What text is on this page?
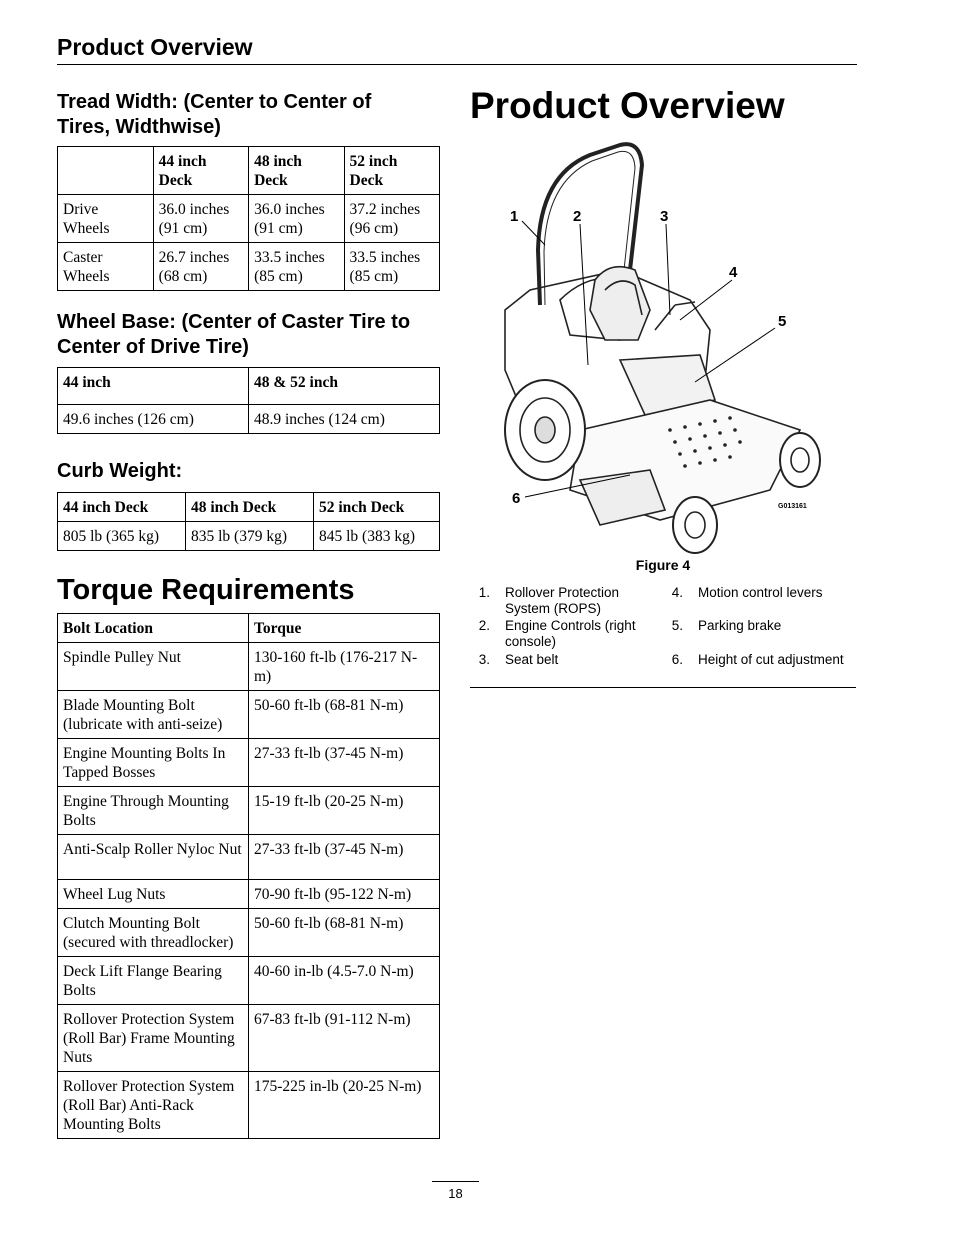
Product Overview
Tread Width: (Center to Center of
Tires, Widthwise)
	44 inch Deck	48 inch Deck	52 inch Deck
Drive Wheels	36.0 inches (91 cm)	36.0 inches (91 cm)	37.2 inches (96 cm)
Caster Wheels	26.7 inches (68 cm)	33.5 inches (85 cm)	33.5 inches (85 cm)
Wheel Base: (Center of Caster Tire to
Center of Drive Tire)
44 inch	48 & 52 inch
49.6 inches (126 cm)	48.9 inches (124 cm)
Curb Weight:
44 inch Deck	48 inch Deck	52 inch Deck
805 lb (365 kg)	835 lb (379 kg)	845 lb (383 kg)
Torque Requirements
Bolt Location	Torque
Spindle Pulley Nut	130-160 ft-lb (176-217 N-m)
Blade Mounting Bolt (lubricate with anti-seize)	50-60 ft-lb (68-81 N-m)
Engine Mounting Bolts In Tapped Bosses	27-33 ft-lb (37-45 N-m)
Engine Through Mounting Bolts	15-19 ft-lb (20-25 N-m)
Anti-Scalp Roller Nyloc Nut	27-33 ft-lb (37-45 N-m)
Wheel Lug Nuts	70-90 ft-lb (95-122 N-m)
Clutch Mounting Bolt (secured with threadlocker)	50-60 ft-lb (68-81 N-m)
Deck Lift Flange Bearing Bolts	40-60 in-lb (4.5-7.0 N-m)
Rollover Protection System (Roll Bar) Frame Mounting Nuts	67-83 ft-lb (91-112 N-m)
Rollover Protection System (Roll Bar) Anti-Rack Mounting Bolts	175-225 in-lb (20-25 N-m)
Product Overview
1	2	3
4
5
6	G013161
Figure 4
1. Rollover Protection System (ROPS)
2. Engine Controls (right console)
3. Seat belt
4. Motion control levers
5. Parking brake
6. Height of cut adjustment
18
